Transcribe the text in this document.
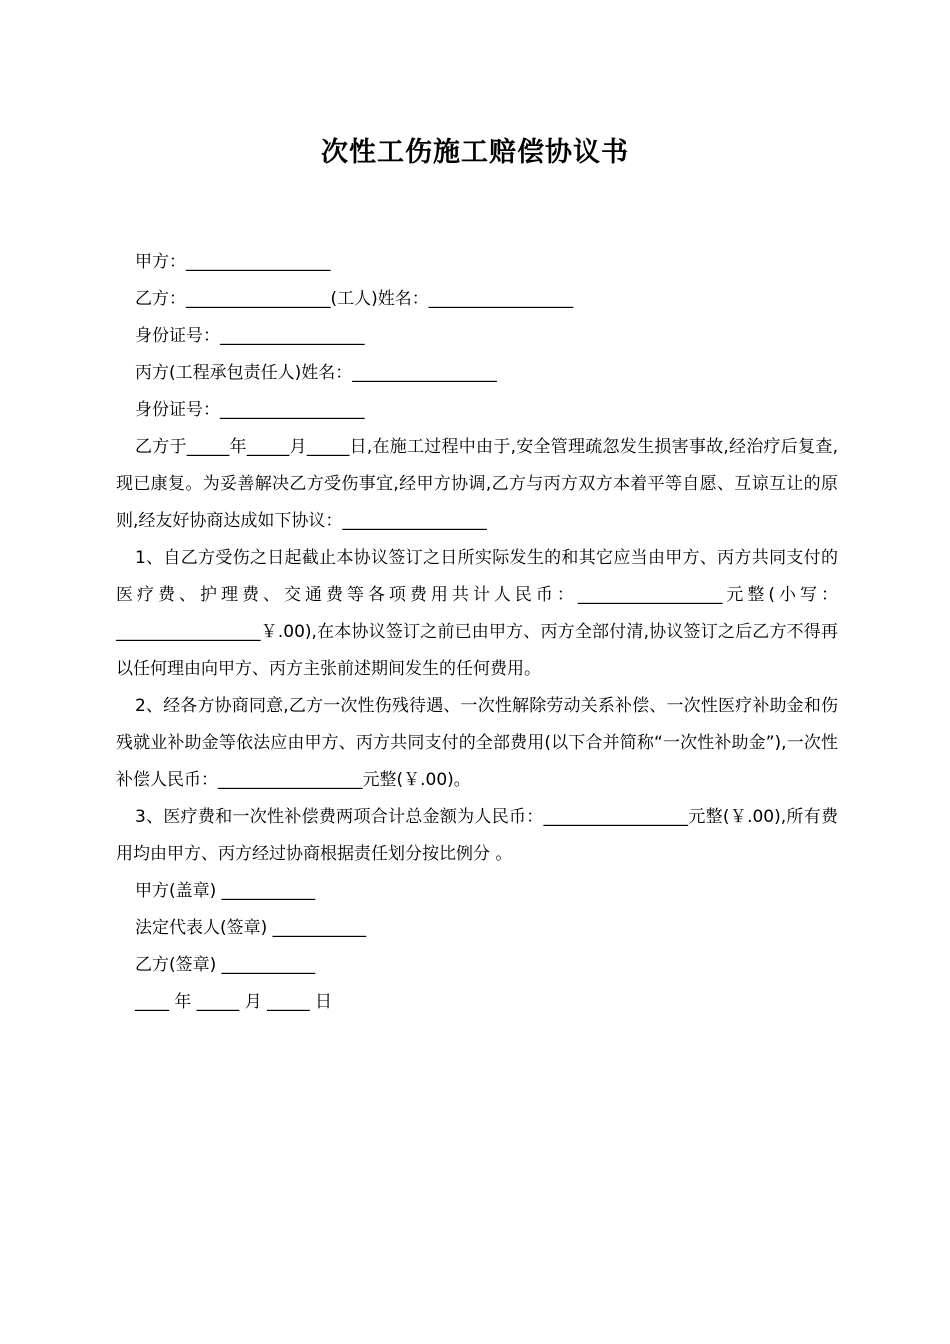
次性工伤施工赔偿协议书
甲方：_________________
乙方：_________________(工人)姓名：_________________
身份证号：_________________
丙方(工程承包责任人)姓名：_________________
身份证号：_________________
乙方于_____年_____月_____日,在施工过程中由于,安全管理疏忽发生损害事故,经治疗后复查,现已康复。为妥善解决乙方受伤事宜,经甲方协调,乙方与丙方双方本着平等自愿、互谅互让的原则,经友好协商达成如下协议：_________________
1、自乙方受伤之日起截止本协议签订之日所实际发生的和其它应当由甲方、丙方共同支付的医疗费、护理费、交通费等各项费用共计人民币：_________________元整(小写：_________________￥.00),在本协议签订之前已由甲方、丙方全部付清,协议签订之后乙方不得再以任何理由向甲方、丙方主张前述期间发生的任何费用。
2、经各方协商同意,乙方一次性伤残待遇、一次性解除劳动关系补偿、一次性医疗补助金和伤残就业补助金等依法应由甲方、丙方共同支付的全部费用(以下合并简称“一次性补助金”),一次性补偿人民币：_________________元整(￥.00)。
3、医疗费和一次性补偿费两项合计总金额为人民币：_________________元整(￥.00),所有费用均由甲方、丙方经过协商根据责任划分按比例分 。
甲方(盖章) ___________
法定代表人(签章) ___________
乙方(签章) ___________
____ 年 _____ 月 _____ 日
